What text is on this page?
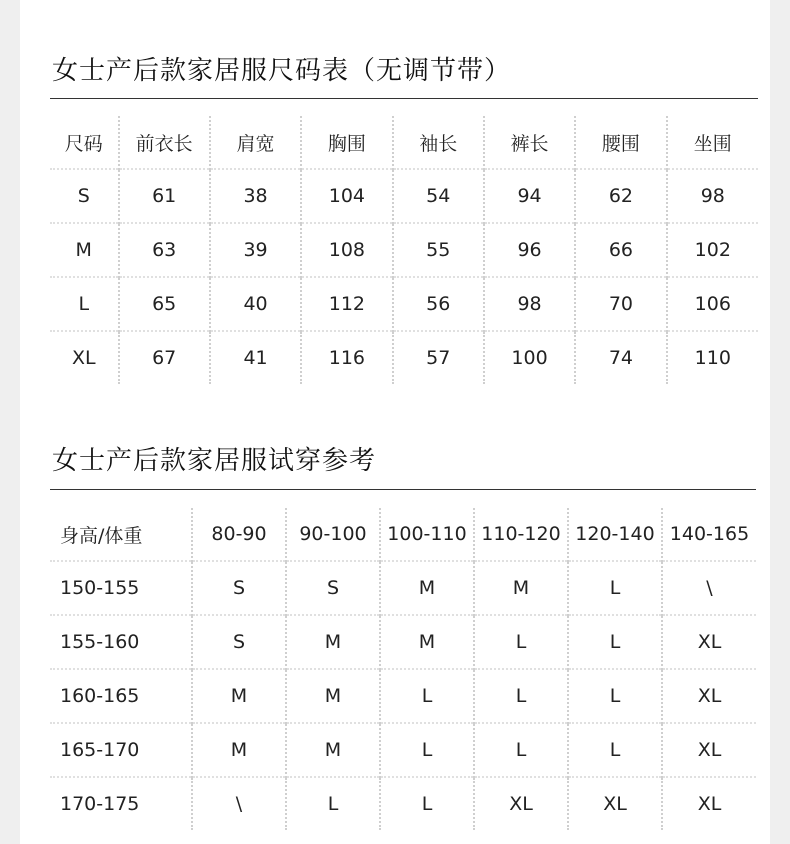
女士产后款家居服尺码表（无调节带）
尺码	前衣长	肩宽	胸围	袖长	裤长	腰围	坐围
S	61	38	104	54	94	62	98
M	63	39	108	55	96	66	102
L	65	40	112	56	98	70	106
XL	67	41	116	57	100	74	110
女士产后款家居服试穿参考
身高/体重	80-90	90-100	100-110	110-120	120-140	140-165
150-155	S	S	M	M	L	\
155-160	S	M	M	L	L	XL
160-165	M	M	L	L	L	XL
165-170	M	M	L	L	L	XL
170-175	\	L	L	XL	XL	XL
